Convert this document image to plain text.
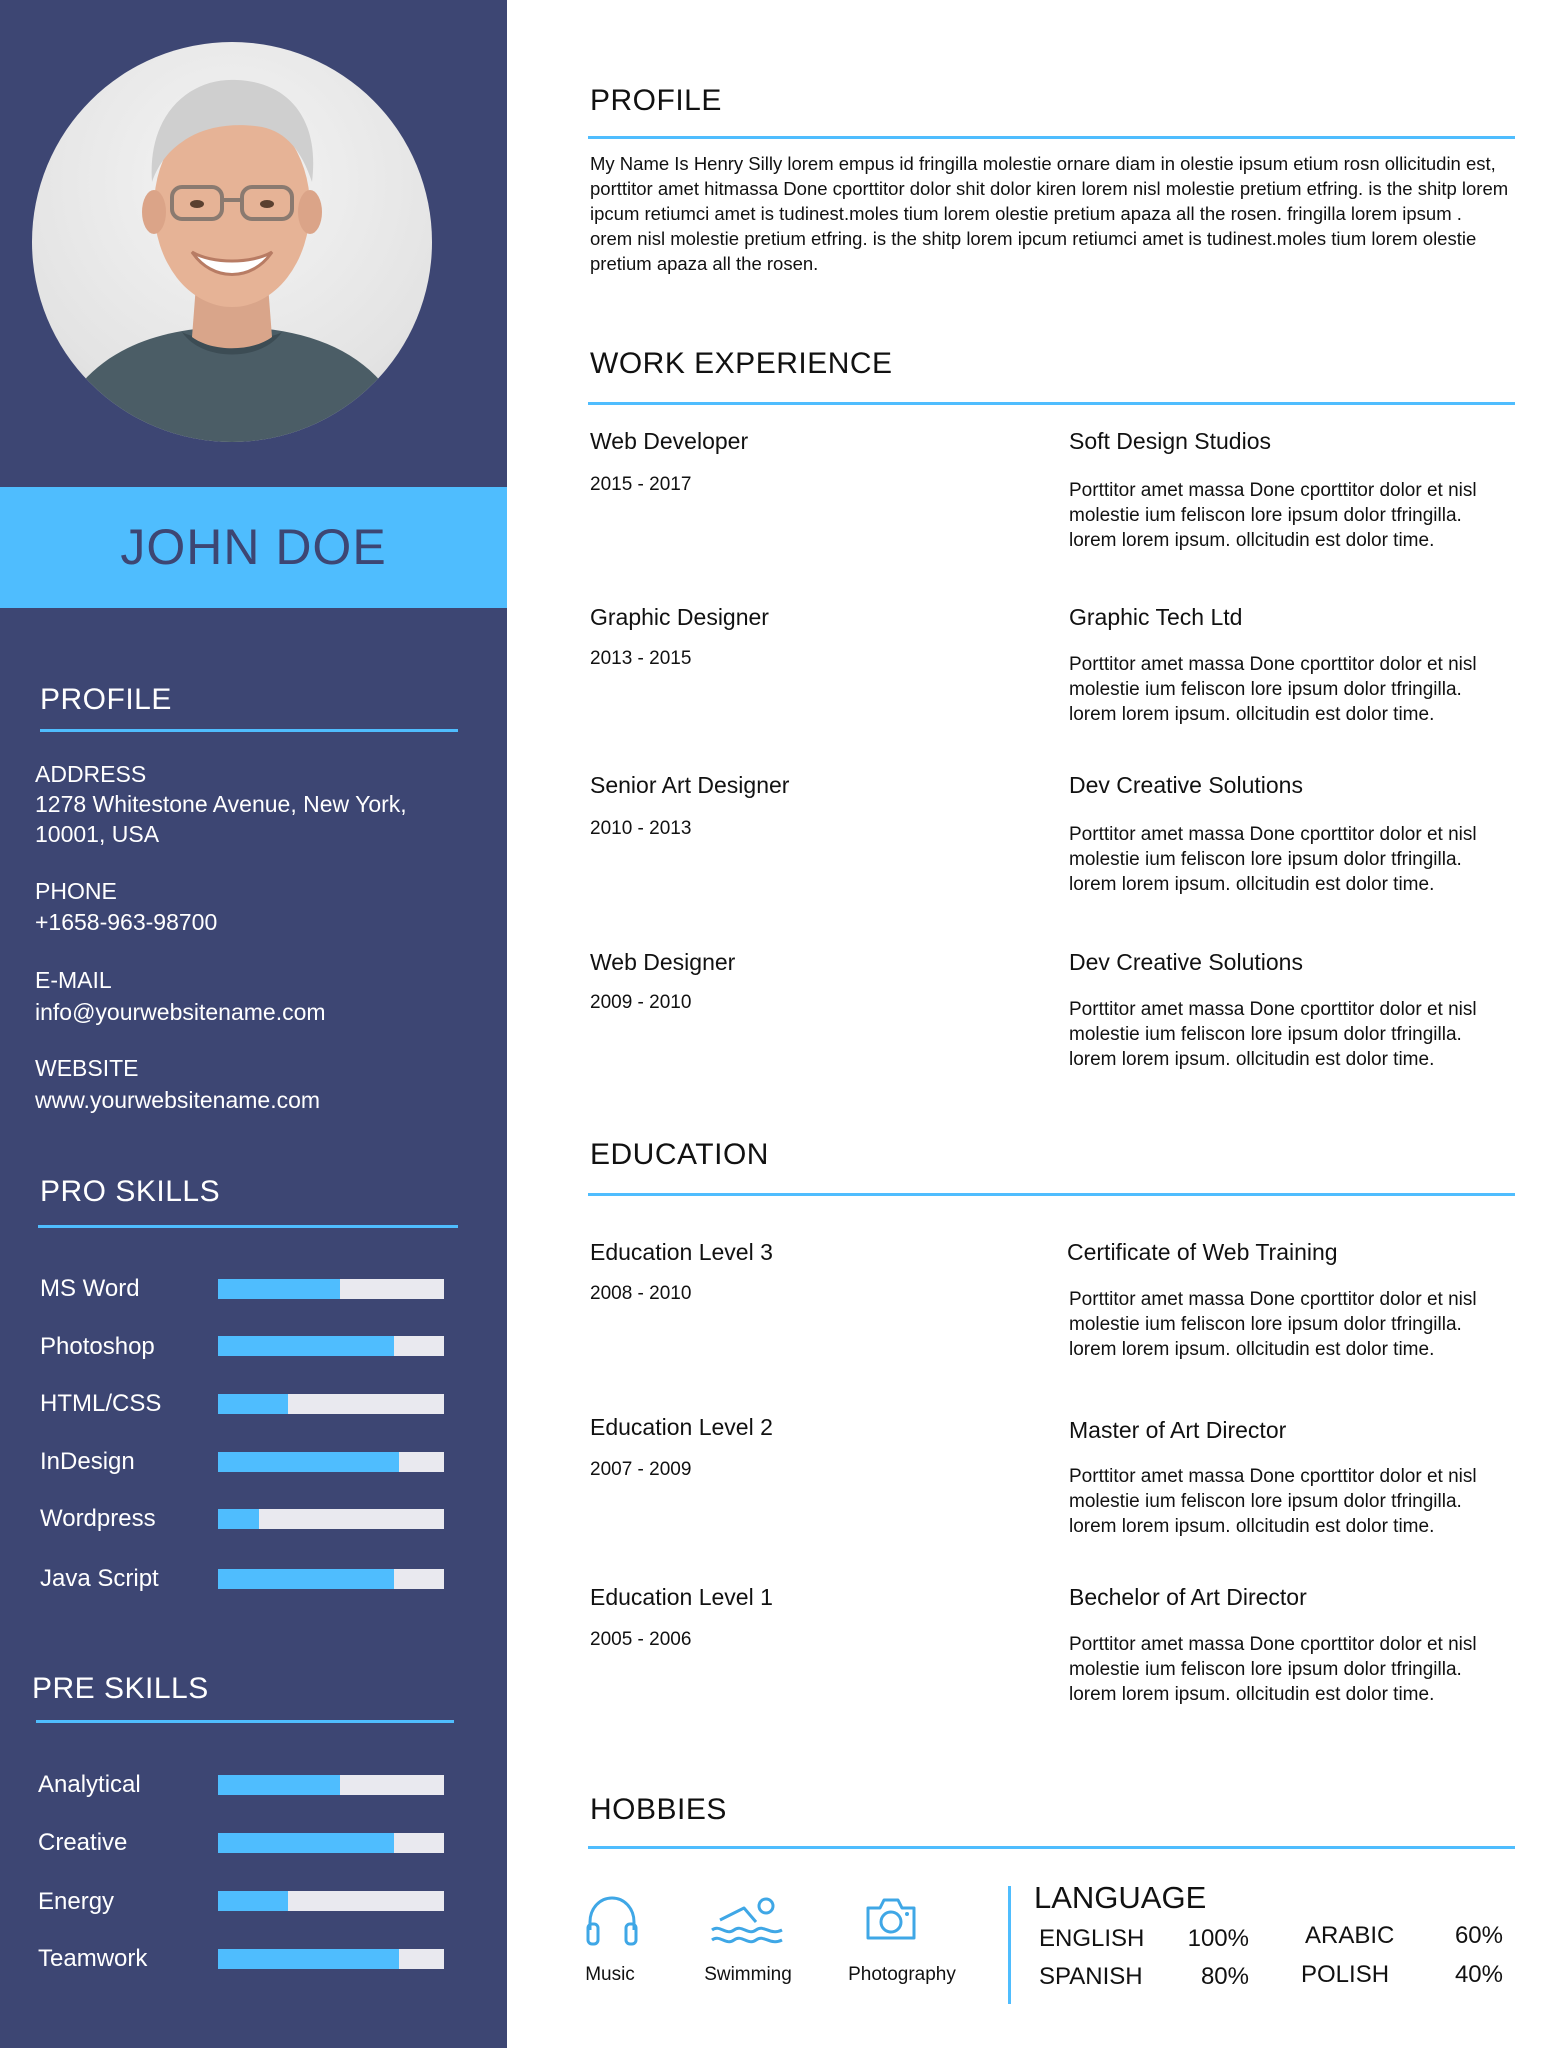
JOHN DOE
PROFILE
ADDRESS
1278 Whitestone Avenue, New York, 10001, USA
PHONE
+1658-963-98700
E-MAIL
info@yourwebsitename.com
WEBSITE
www.yourwebsitename.com
PRO SKILLS
MS Word
Photoshop
HTML/CSS
InDesign
Wordpress
Java Script
PRE SKILLS
Analytical
Creative
Energy
Teamwork
PROFILE
My Name Is Henry Silly lorem empus id fringilla molestie ornare diam in olestie ipsum etium rosn ollicitudin est, porttitor amet hitmassa Done cporttitor dolor shit dolor kiren lorem nisl molestie pretium etfring. is the shitp lorem ipcum retiumci amet is tudinest.moles tium lorem olestie pretium apaza all the rosen. fringilla lorem ipsum .
orem nisl molestie pretium etfring. is the shitp lorem ipcum retiumci amet is tudinest.moles tium lorem olestie pretium apaza all the rosen.
WORK EXPERIENCE
Web Developer
2015 - 2017
Soft Design Studios
Porttitor amet massa Done cporttitor dolor et nisl molestie ium feliscon lore ipsum dolor tfringilla. lorem lorem ipsum. ollcitudin est dolor time.
Graphic Designer
2013 - 2015
Graphic Tech Ltd
Porttitor amet massa Done cporttitor dolor et nisl molestie ium feliscon lore ipsum dolor tfringilla. lorem lorem ipsum. ollcitudin est dolor time.
Senior Art Designer
2010 - 2013
Dev Creative Solutions
Porttitor amet massa Done cporttitor dolor et nisl molestie ium feliscon lore ipsum dolor tfringilla. lorem lorem ipsum. ollcitudin est dolor time.
Web Designer
2009 - 2010
Dev Creative Solutions
Porttitor amet massa Done cporttitor dolor et nisl molestie ium feliscon lore ipsum dolor tfringilla. lorem lorem ipsum. ollcitudin est dolor time.
EDUCATION
Education Level 3
2008 - 2010
Certificate of Web Training
Porttitor amet massa Done cporttitor dolor et nisl molestie ium feliscon lore ipsum dolor tfringilla. lorem lorem ipsum. ollcitudin est dolor time.
Education Level 2
2007 - 2009
Master of Art Director
Porttitor amet massa Done cporttitor dolor et nisl molestie ium feliscon lore ipsum dolor tfringilla. lorem lorem ipsum. ollcitudin est dolor time.
Education Level 1
2005 - 2006
Bechelor of Art Director
Porttitor amet massa Done cporttitor dolor et nisl molestie ium feliscon lore ipsum dolor tfringilla. lorem lorem ipsum. ollcitudin est dolor time.
HOBBIES
Music	Swimming	Photography
LANGUAGE
ENGLISH	100%
SPANISH	80%
ARABIC	60%
POLISH	40%
